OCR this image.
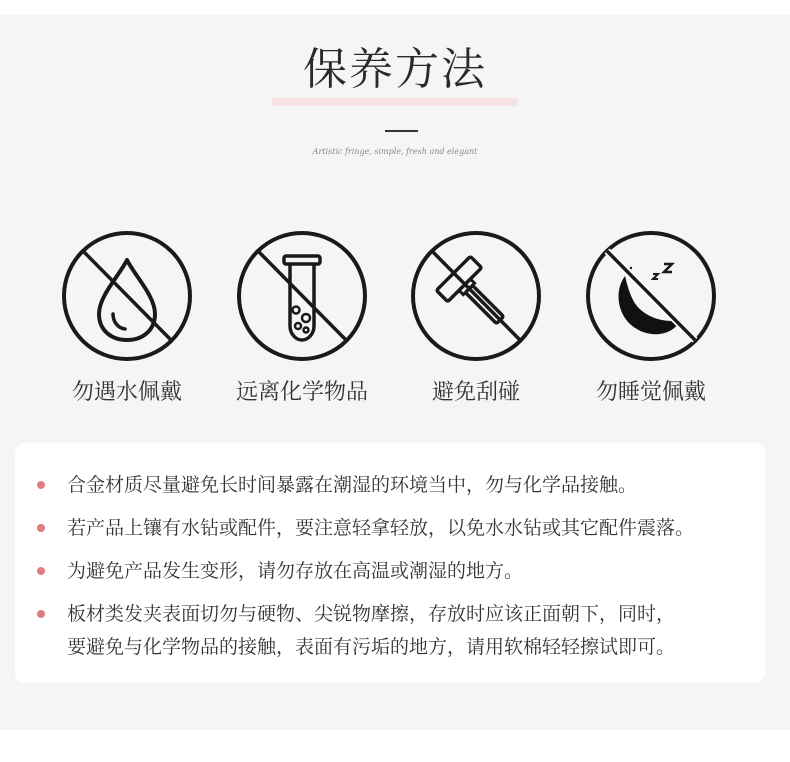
保养方法
Artistic fringe, simple, fresh and elegant
勿遇水佩戴	远离化学物品	避免刮碰	勿睡觉佩戴
合金材质尽量避免长时间暴露在潮湿的环境当中，勿与化学品接触。
若产品上镶有水钻或配件，要注意轻拿轻放，以免水水钻或其它配件震落。
为避免产品发生变形，请勿存放在高温或潮湿的地方。
板材类发夹表面切勿与硬物、尖锐物摩擦，存放时应该正面朝下，同时，
要避免与化学物品的接触，表面有污垢的地方，请用软棉轻轻擦试即可。
